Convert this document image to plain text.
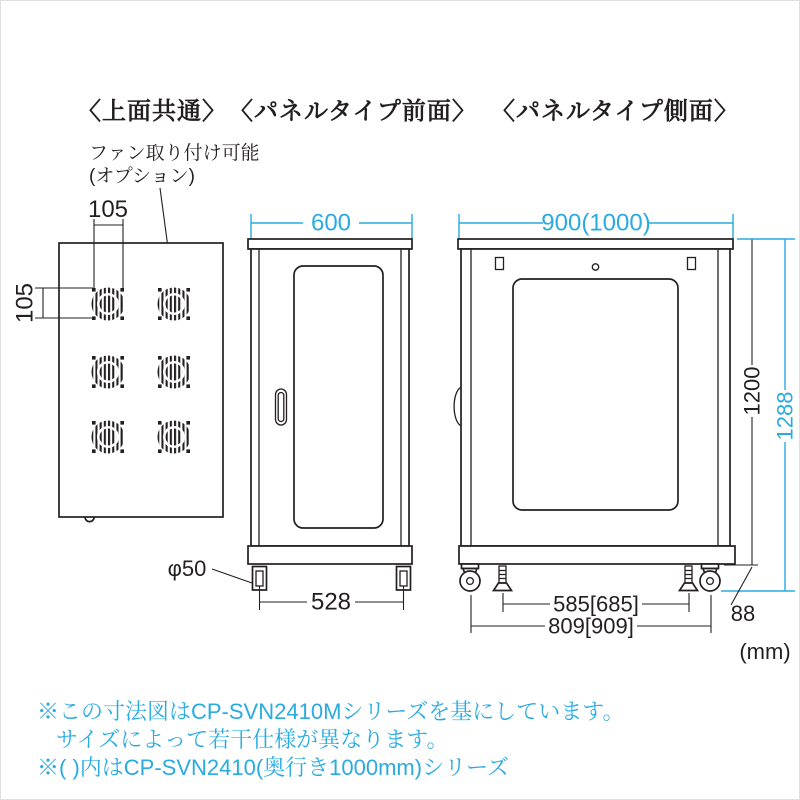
〈上面共通〉 〈パネルタイプ前面〉 〈パネルタイプ側面〉
ファン取り付け可能
(オプション)
105
105
600
φ50
528
900(1000)
585[685]
809[909]
1200
1288
88
(mm)
※この寸法図はCP-SVN2410Mシリーズを基にしています。
サイズによって若干仕様が異なります。
※( )内はCP-SVN2410(奥行き1000mm)シリーズ
